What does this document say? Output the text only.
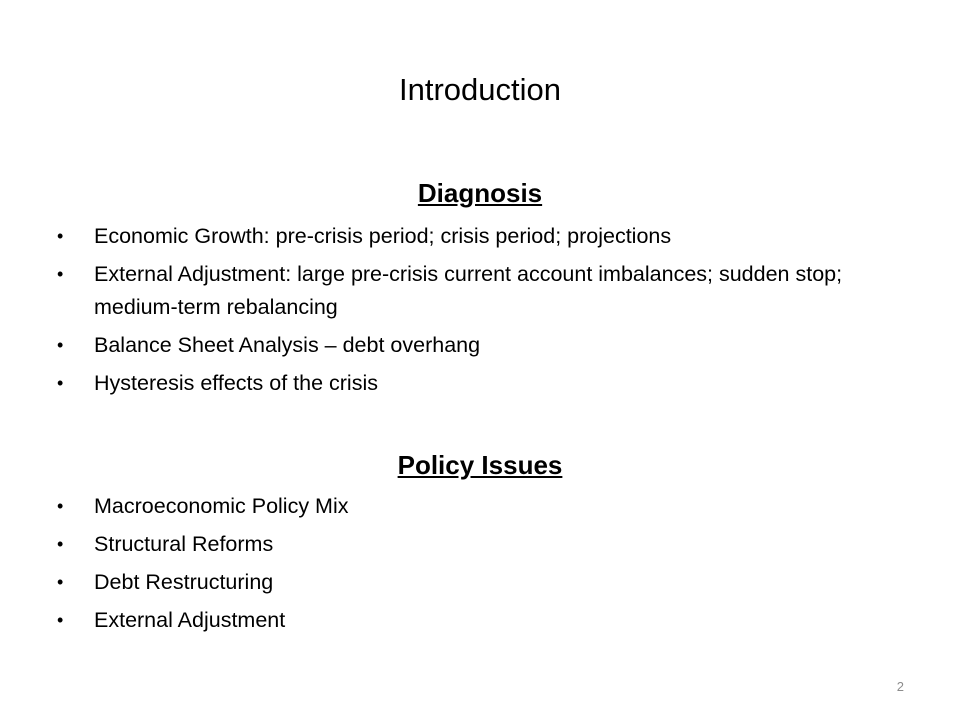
Introduction
Diagnosis
•	Economic Growth: pre-crisis period; crisis period; projections
•	External Adjustment: large pre-crisis current account imbalances; sudden stop; medium-term rebalancing
•	Balance Sheet Analysis – debt overhang
•	Hysteresis effects of the crisis
Policy Issues
•	Macroeconomic Policy Mix
•	Structural Reforms
•	Debt Restructuring
•	External Adjustment
2
